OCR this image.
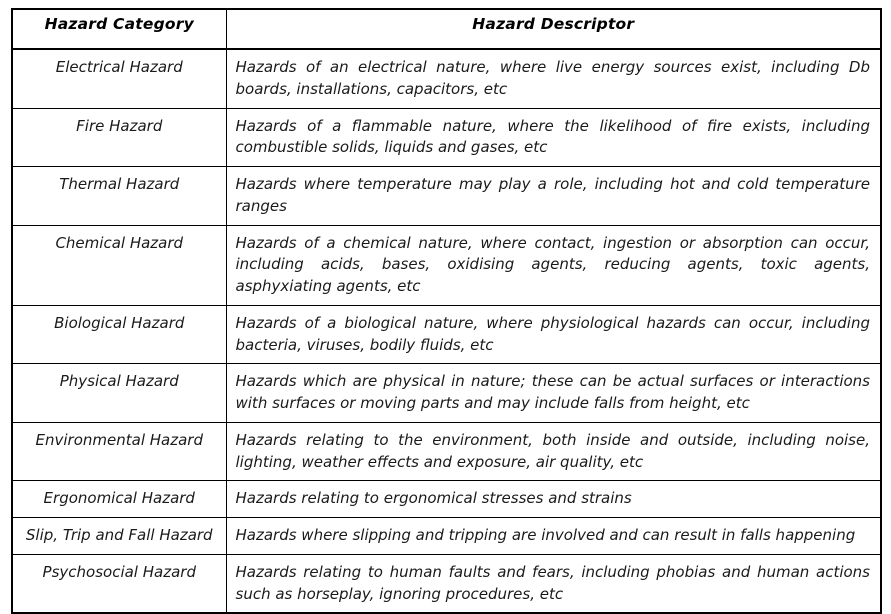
Hazard Category	Hazard Descriptor
Electrical Hazard	Hazards of an electrical nature, where live energy sources exist, including Db boards, installations, capacitors, etc
Fire Hazard	Hazards of a flammable nature, where the likelihood of fire exists, including combustible solids, liquids and gases, etc
Thermal Hazard	Hazards where temperature may play a role, including hot and cold temperature ranges
Chemical Hazard	Hazards of a chemical nature, where contact, ingestion or absorption can occur, including acids, bases, oxidising agents, reducing agents, toxic agents, asphyxiating agents, etc
Biological Hazard	Hazards of a biological nature, where physiological hazards can occur, including bacteria, viruses, bodily fluids, etc
Physical Hazard	Hazards which are physical in nature; these can be actual surfaces or interactions with surfaces or moving parts and may include falls from height, etc
Environmental Hazard	Hazards relating to the environment, both inside and outside, including noise, lighting, weather effects and exposure, air quality, etc
Ergonomical Hazard	Hazards relating to ergonomical stresses and strains
Slip, Trip and Fall Hazard	Hazards where slipping and tripping are involved and can result in falls happening
Psychosocial Hazard	Hazards relating to human faults and fears, including phobias and human actions such as horseplay, ignoring procedures, etc
